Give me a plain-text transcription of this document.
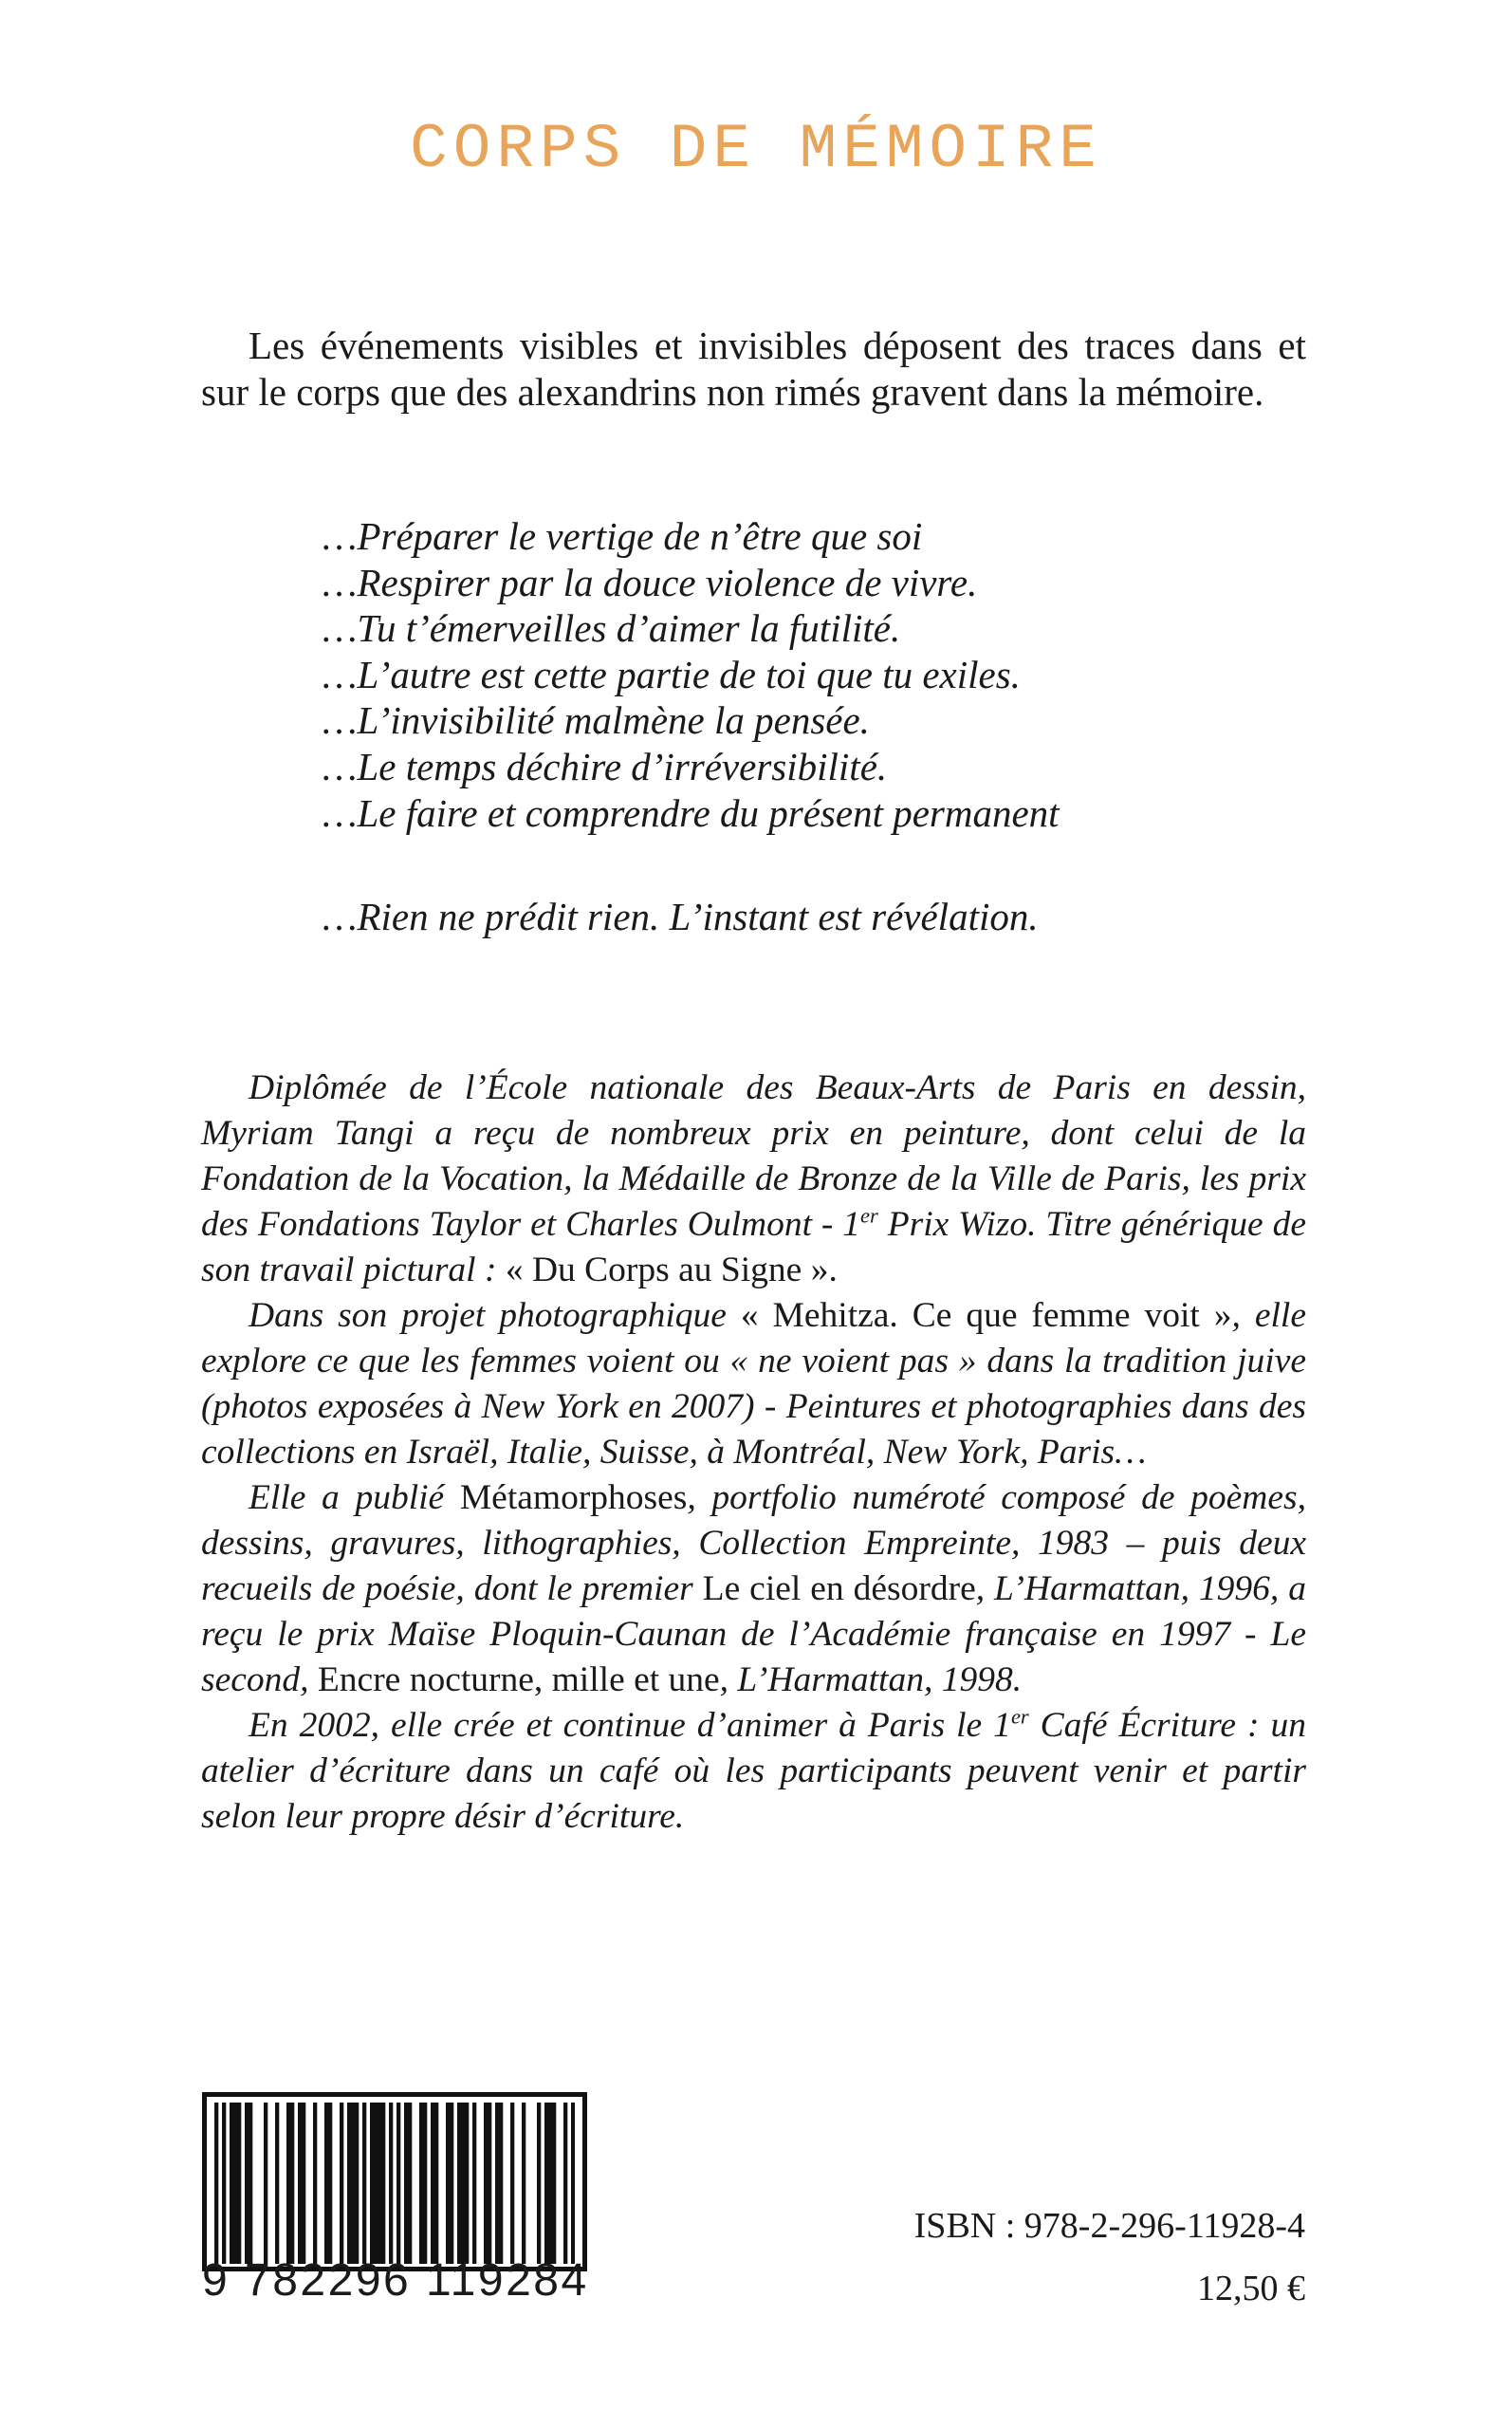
CORPS DE MÉMOIRE

Les événements visibles et invisibles déposent des traces dans et sur le corps que des alexandrins non rimés gravent dans la mémoire.

…Préparer le vertige de n’être que soi
…Respirer par la douce violence de vivre.
…Tu t’émerveilles d’aimer la futilité.
…L’autre est cette partie de toi que tu exiles.
…L’invisibilité malmène la pensée.
…Le temps déchire d’irréversibilité.
…Le faire et comprendre du présent permanent

…Rien ne prédit rien. L’instant est révélation.

Diplômée de l’École nationale des Beaux-Arts de Paris en dessin, Myriam Tangi a reçu de nombreux prix en peinture, dont celui de la Fondation de la Vocation, la Médaille de Bronze de la Ville de Paris, les prix des Fondations Taylor et Charles Oulmont - 1er Prix Wizo. Titre générique de son travail pictural : « Du Corps au Signe ».

Dans son projet photographique « Mehitza. Ce que femme voit », elle explore ce que les femmes voient ou « ne voient pas » dans la tradition juive (photos exposées à New York en 2007) - Peintures et photographies dans des collections en Israël, Italie, Suisse, à Montréal, New York, Paris…

Elle a publié Métamorphoses, portfolio numéroté composé de poèmes, dessins, gravures, lithographies, Collection Empreinte, 1983 – puis deux recueils de poésie, dont le premier Le ciel en désordre, L’Harmattan, 1996, a reçu le prix Maïse Ploquin-Caunan de l’Académie française en 1997 - Le second, Encre nocturne, mille et une, L’Harmattan, 1998.

En 2002, elle crée et continue d’animer à Paris le 1er Café Écriture : un atelier d’écriture dans un café où les participants peuvent venir et partir selon leur propre désir d’écriture.

9 782296 119284
ISBN : 978-2-296-11928-4
12,50 €
